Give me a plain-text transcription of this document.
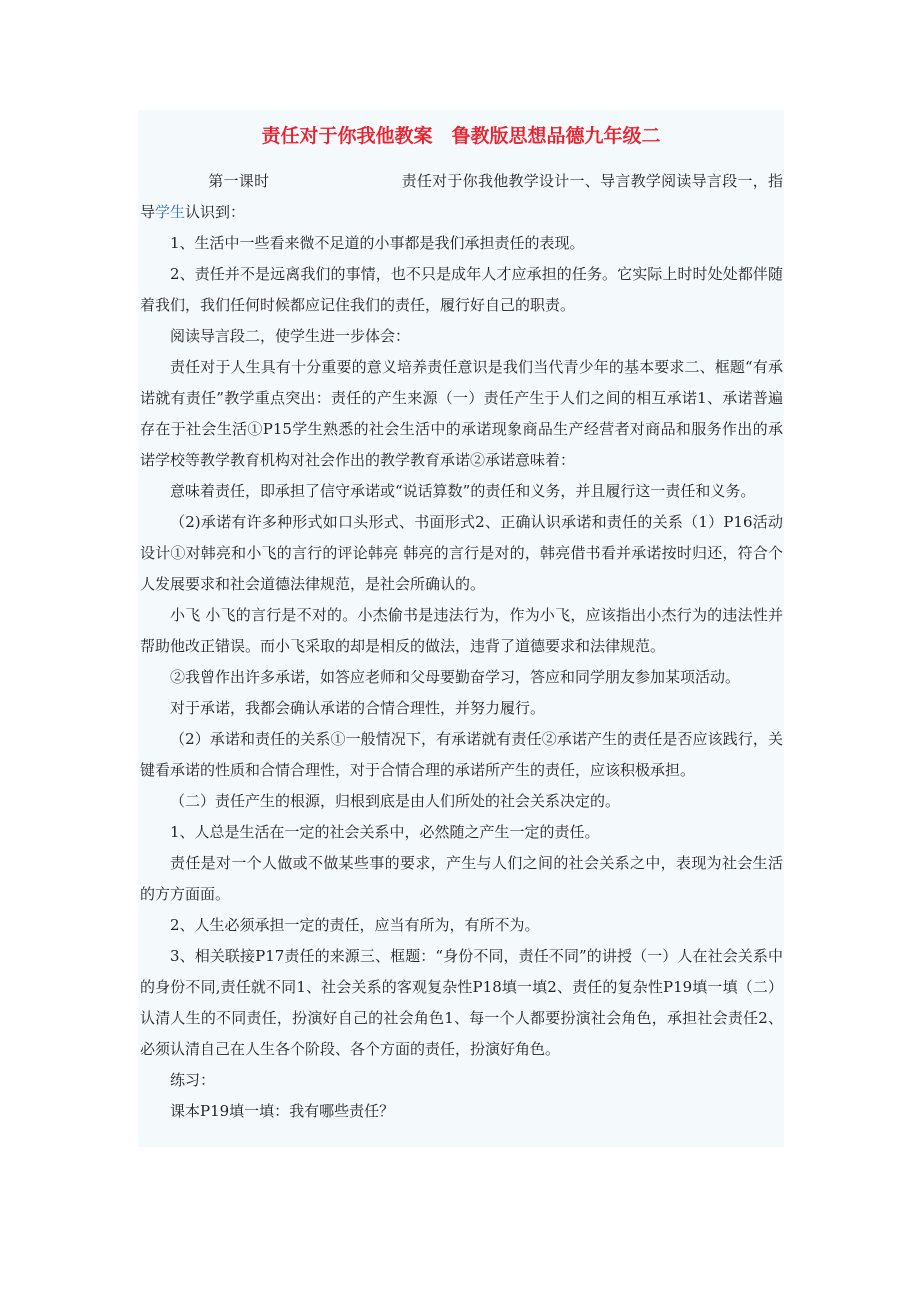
责任对于你我他教案　鲁教版思想品德九年级二

第一课时	责任对于你我他教学设计一、导言教学阅读导言段一，指导学生认识到：

1、生活中一些看来微不足道的小事都是我们承担责任的表现。

2、责任并不是远离我们的事情，也不只是成年人才应承担的任务。它实际上时时处处都伴随着我们，我们任何时候都应记住我们的责任，履行好自己的职责。

阅读导言段二，使学生进一步体会：

责任对于人生具有十分重要的意义培养责任意识是我们当代青少年的基本要求二、框题“有承诺就有责任”教学重点突出：责任的产生来源（一）责任产生于人们之间的相互承诺1、承诺普遍存在于社会生活①P15学生熟悉的社会生活中的承诺现象商品生产经营者对商品和服务作出的承诺学校等教学教育机构对社会作出的教学教育承诺②承诺意味着：

意味着责任，即承担了信守承诺或“说话算数”的责任和义务，并且履行这一责任和义务。

（2)承诺有许多种形式如口头形式、书面形式2、正确认识承诺和责任的关系（1）P16活动设计①对韩亮和小飞的言行的评论韩亮 韩亮的言行是对的，韩亮借书看并承诺按时归还，符合个人发展要求和社会道德法律规范，是社会所确认的。

小飞 小飞的言行是不对的。小杰偷书是违法行为，作为小飞，应该指出小杰行为的违法性并帮助他改正错误。而小飞采取的却是相反的做法，违背了道德要求和法律规范。

②我曾作出许多承诺，如答应老师和父母要勤奋学习，答应和同学朋友参加某项活动。

对于承诺，我都会确认承诺的合情合理性，并努力履行。

（2）承诺和责任的关系①一般情况下，有承诺就有责任②承诺产生的责任是否应该践行，关键看承诺的性质和合情合理性，对于合情合理的承诺所产生的责任，应该积极承担。

（二）责任产生的根源，归根到底是由人们所处的社会关系决定的。

1、人总是生活在一定的社会关系中，必然随之产生一定的责任。

责任是对一个人做或不做某些事的要求，产生与人们之间的社会关系之中，表现为社会生活的方方面面。

2、人生必须承担一定的责任，应当有所为，有所不为。

3、相关联接P17责任的来源三、框题：“身份不同，责任不同”的讲授（一）人在社会关系中的身份不同,责任就不同1、社会关系的客观复杂性P18填一填2、责任的复杂性P19填一填（二）认清人生的不同责任，扮演好自己的社会角色1、每一个人都要扮演社会角色，承担社会责任2、必须认清自己在人生各个阶段、各个方面的责任，扮演好角色。

练习：

课本P19填一填：我有哪些责任？
